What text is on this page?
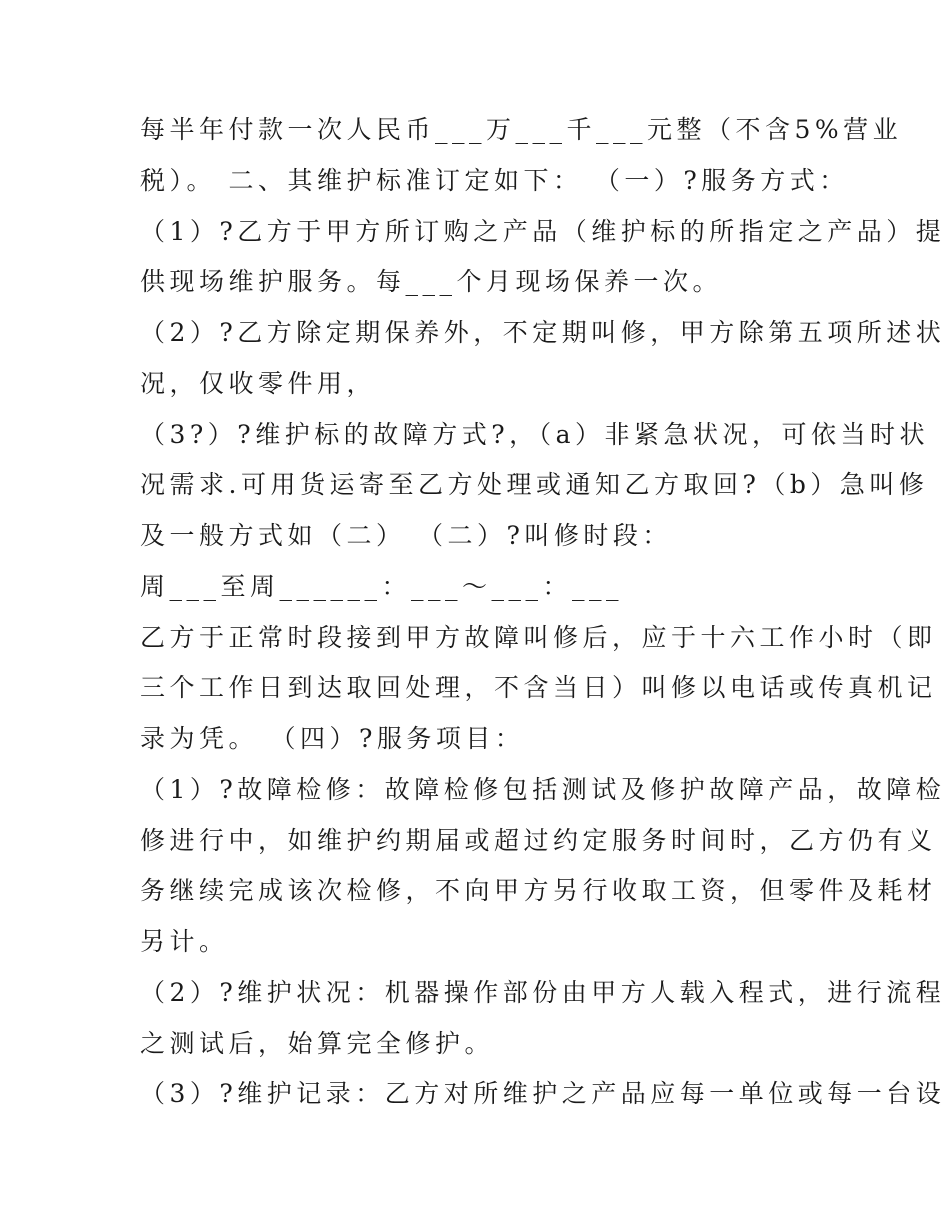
每半年付款一次人民币___万___千___元整（不含5%营业
税）。 二、其维护标准订定如下： （一）?服务方式：
（1）?乙方于甲方所订购之产品（维护标的所指定之产品）提
供现场维护服务。每___个月现场保养一次。
（2）?乙方除定期保养外，不定期叫修，甲方除第五项所述状
况，仅收零件用，
（3?）?维护标的故障方式?，（a）非紧急状况，可依当时状
况需求.可用货运寄至乙方处理或通知乙方取回?（b）急叫修
及一般方式如（二） （二）?叫修时段：
周___至周______：___～___：___
乙方于正常时段接到甲方故障叫修后，应于十六工作小时（即
三个工作日到达取回处理，不含当日）叫修以电话或传真机记
录为凭。 （四）?服务项目：
（1）?故障检修：故障检修包括测试及修护故障产品，故障检
修进行中，如维护约期届或超过约定服务时间时，乙方仍有义
务继续完成该次检修，不向甲方另行收取工资，但零件及耗材
另计。
（2）?维护状况：机器操作部份由甲方人载入程式，进行流程
之测试后，始算完全修护。
（3）?维护记录：乙方对所维护之产品应每一单位或每一台设
